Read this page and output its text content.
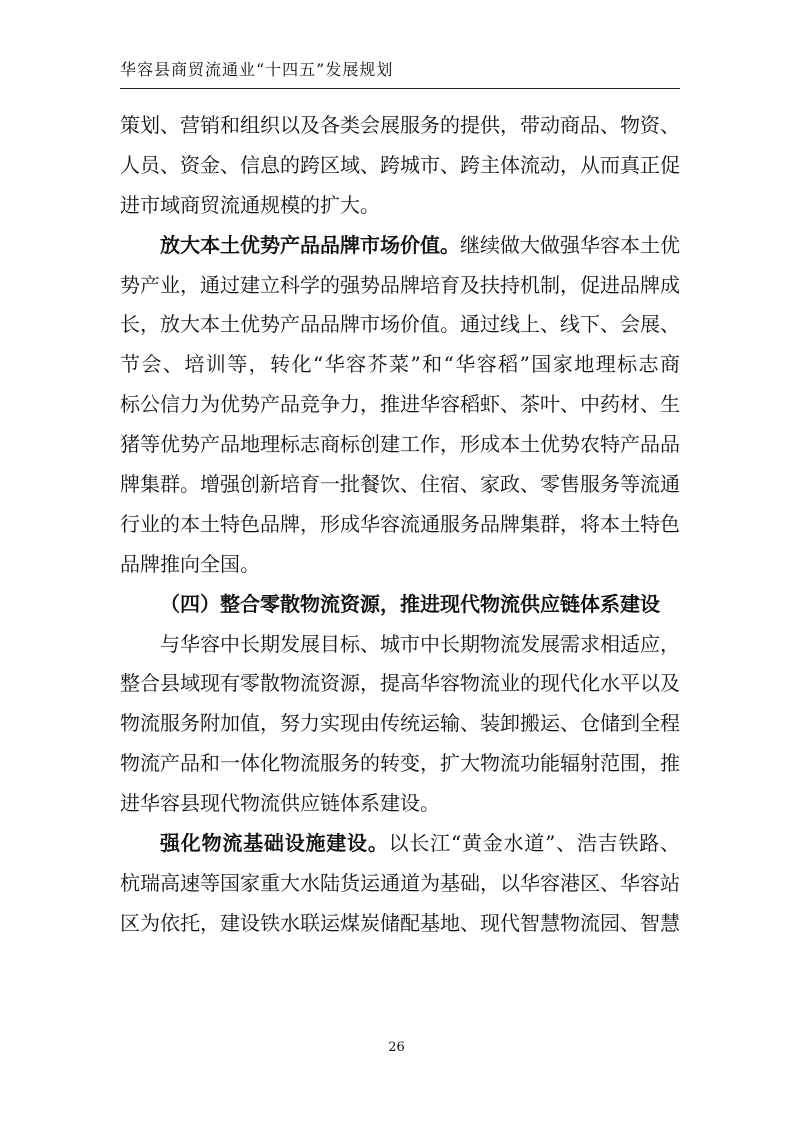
华容县商贸流通业“十四五”发展规划
策划、营销和组织以及各类会展服务的提供，带动商品、物资、
人员、资金、信息的跨区域、跨城市、跨主体流动，从而真正促
进市域商贸流通规模的扩大。
放大本土优势产品品牌市场价值。继续做大做强华容本土优
势产业，通过建立科学的强势品牌培育及扶持机制，促进品牌成
长，放大本土优势产品品牌市场价值。通过线上、线下、会展、
节会、培训等，转化“华容芥菜”和“华容稻”国家地理标志商
标公信力为优势产品竞争力，推进华容稻虾、茶叶、中药材、生
猪等优势产品地理标志商标创建工作，形成本土优势农特产品品
牌集群。增强创新培育一批餐饮、住宿、家政、零售服务等流通
行业的本土特色品牌，形成华容流通服务品牌集群，将本土特色
品牌推向全国。
（四）整合零散物流资源，推进现代物流供应链体系建设
与华容中长期发展目标、城市中长期物流发展需求相适应，
整合县域现有零散物流资源，提高华容物流业的现代化水平以及
物流服务附加值，努力实现由传统运输、装卸搬运、仓储到全程
物流产品和一体化物流服务的转变，扩大物流功能辐射范围，推
进华容县现代物流供应链体系建设。
强化物流基础设施建设。以长江“黄金水道”、浩吉铁路、
杭瑞高速等国家重大水陆货运通道为基础，以华容港区、华容站
区为依托，建设铁水联运煤炭储配基地、现代智慧物流园、智慧
26
